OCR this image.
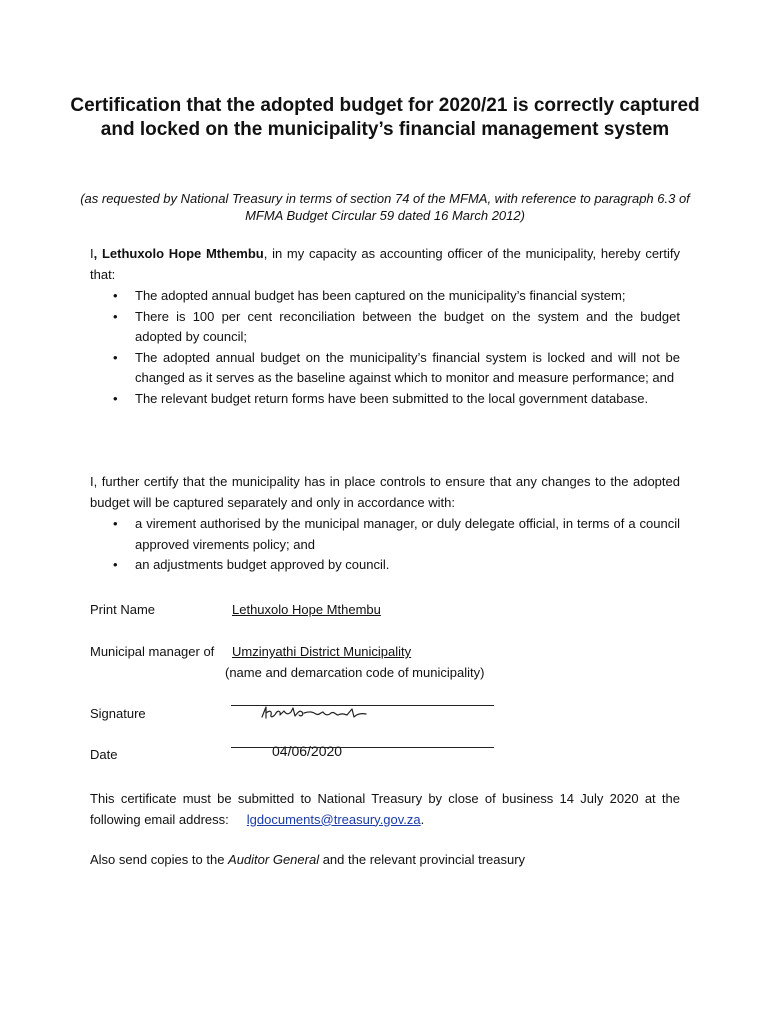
Certification that the adopted budget for 2020/21 is correctly captured and locked on the municipality’s financial management system

(as requested by National Treasury in terms of section 74 of the MFMA, with reference to paragraph 6.3 of MFMA Budget Circular 59 dated 16 March 2012)

I, Lethuxolo Hope Mthembu, in my capacity as accounting officer of the municipality, hereby certify that:

• The adopted annual budget has been captured on the municipality’s financial system;
• There is 100 per cent reconciliation between the budget on the system and the budget adopted by council;
• The adopted annual budget on the municipality’s financial system is locked and will not be changed as it serves as the baseline against which to monitor and measure performance; and
• The relevant budget return forms have been submitted to the local government database.

I, further certify that the municipality has in place controls to ensure that any changes to the adopted budget will be captured separately and only in accordance with:

• a virement authorised by the municipal manager, or duly delegate official, in terms of a council approved virements policy; and
• an adjustments budget approved by council.
Print Name	Lethuxolo Hope Mthembu
Municipal manager of Umzinyathi District Municipality
(name and demarcation code of municipality)
Signature
Date	04/06/2020

This certificate must be submitted to National Treasury by close of business 14 July 2020 at the following email address: lgdocuments@treasury.gov.za.

Also send copies to the Auditor General and the relevant provincial treasury
